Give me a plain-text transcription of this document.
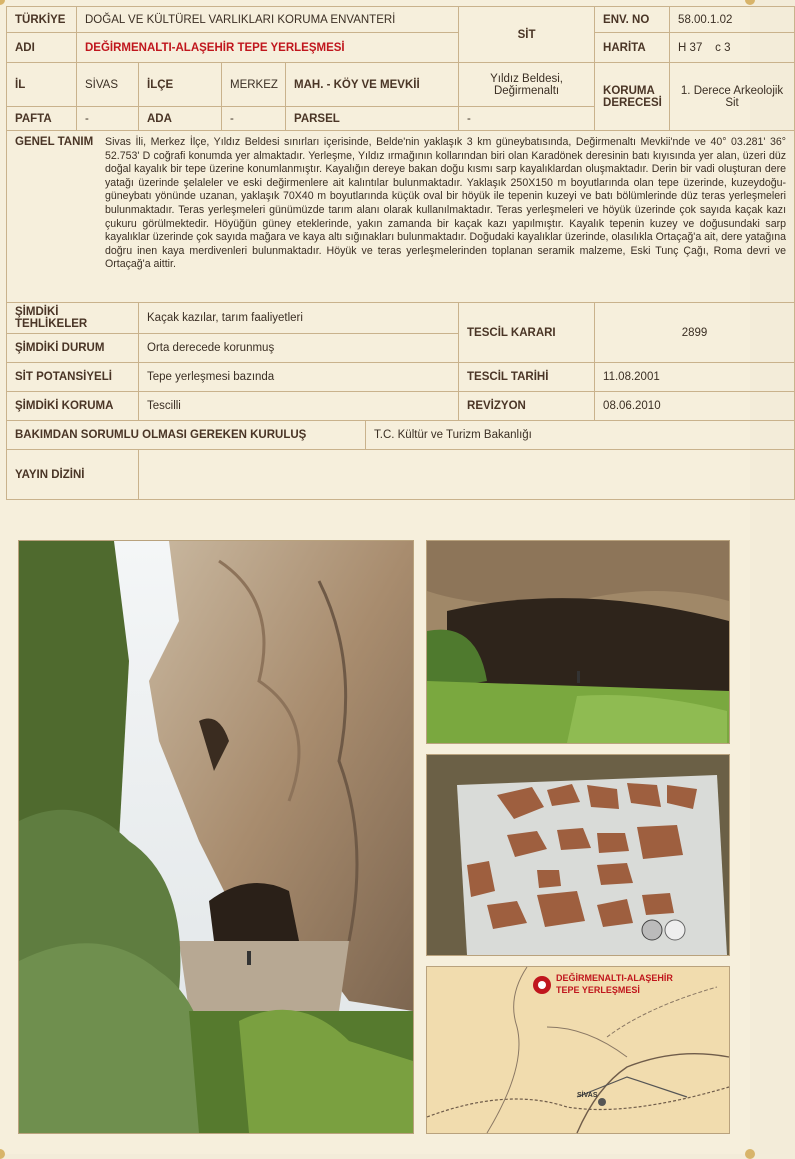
TÜRKİYE	DOĞAL VE KÜLTÜREL VARLIKLARI KORUMA ENVANTERİ					SİT	ENV. NO	58.00.1.02
ADI	DEĞİRMENALTI-ALAŞEHİR TEPE YERLEŞMESİ						HARİTA	H 37 c 3
İL	SİVAS	İLÇE	MERKEZ	MAH. - KÖY VE MEVKİİ		Yıldız Beldesi, Değirmenaltı	KORUMA DERECESİ	1. Derece Arkeolojik Sit
PAFTA	-	ADA	-	PARSEL		-		

GENEL TANIM Sivas İli, Merkez İlçe, Yıldız Beldesi sınırları içerisinde, Belde'nin yaklaşık 3 km güneybatısında, Değirmenaltı Mevkii'nde ve 40° 03.281' 36° 52.753' D coğrafi konumda yer almaktadır. Yerleşme, Yıldız ırmağının kollarından biri olan Karadönek deresinin batı kıyısında yer alan, üzeri düz doğal kayalık bir tepe üzerine konumlanmıştır. Kayalığın dereye bakan doğu kısmı sarp kayalıklardan oluşmaktadır. Derin bir vadi oluşturan dere yatağı üzerinde şelaleler ve eski değirmenlere ait kalıntılar bulunmaktadır. Yaklaşık 250X150 m boyutlarında olan tepe üzerinde, kuzeydoğu-güneybatı yönünde uzanan, yaklaşık 70X40 m boyutlarında küçük oval bir höyük ile tepenin kuzeyi ve batı bölümlerinde düz teras yerleşmeleri bulunmaktadır. Teras yerleşmeleri günümüzde tarım alanı olarak kullanılmaktadır. Teras yerleşmeleri ve höyük üzerinde çok sayıda kaçak kazı çukuru görülmektedir. Höyüğün güney eteklerinde, yakın zamanda bir kaçak kazı yapılmıştır. Kayalık tepenin kuzey ve doğusundaki sarp kayalıklar üzerinde çok sayıda mağara ve kaya altı sığınakları bulunmaktadır. Doğudaki kayalıklar üzerinde, olasılıkla Ortaçağ'a ait, dere yatağına doğru inen kaya merdivenleri bulunmaktadır. Höyük ve teras yerleşmelerinden toplanan seramik malzeme, Eski Tunç Çağı, Roma devri ve Ortaçağ'a aittir.								

ŞİMDİKİ TEHLİKELER		Kaçak kazılar, tarım faaliyetleri				TESCİL KARARI	2899	
ŞİMDİKİ DURUM		Orta derecede korunmuş						
SİT POTANSİYELİ		Tepe yerleşmesi bazında				TESCİL TARİHİ	11.08.2001	
ŞİMDİKİ KORUMA		Tescilli				REVİZYON	08.06.2010	
BAKIMDAN SORUMLU OLMASI GEREKEN KURULUŞ					T.C. Kültür ve Turizm Bakanlığı			
YAYIN DİZİNİ								
DEĞİRMENALTI-ALAŞEHİR
TEPE YERLEŞMESİ
SİVAS
